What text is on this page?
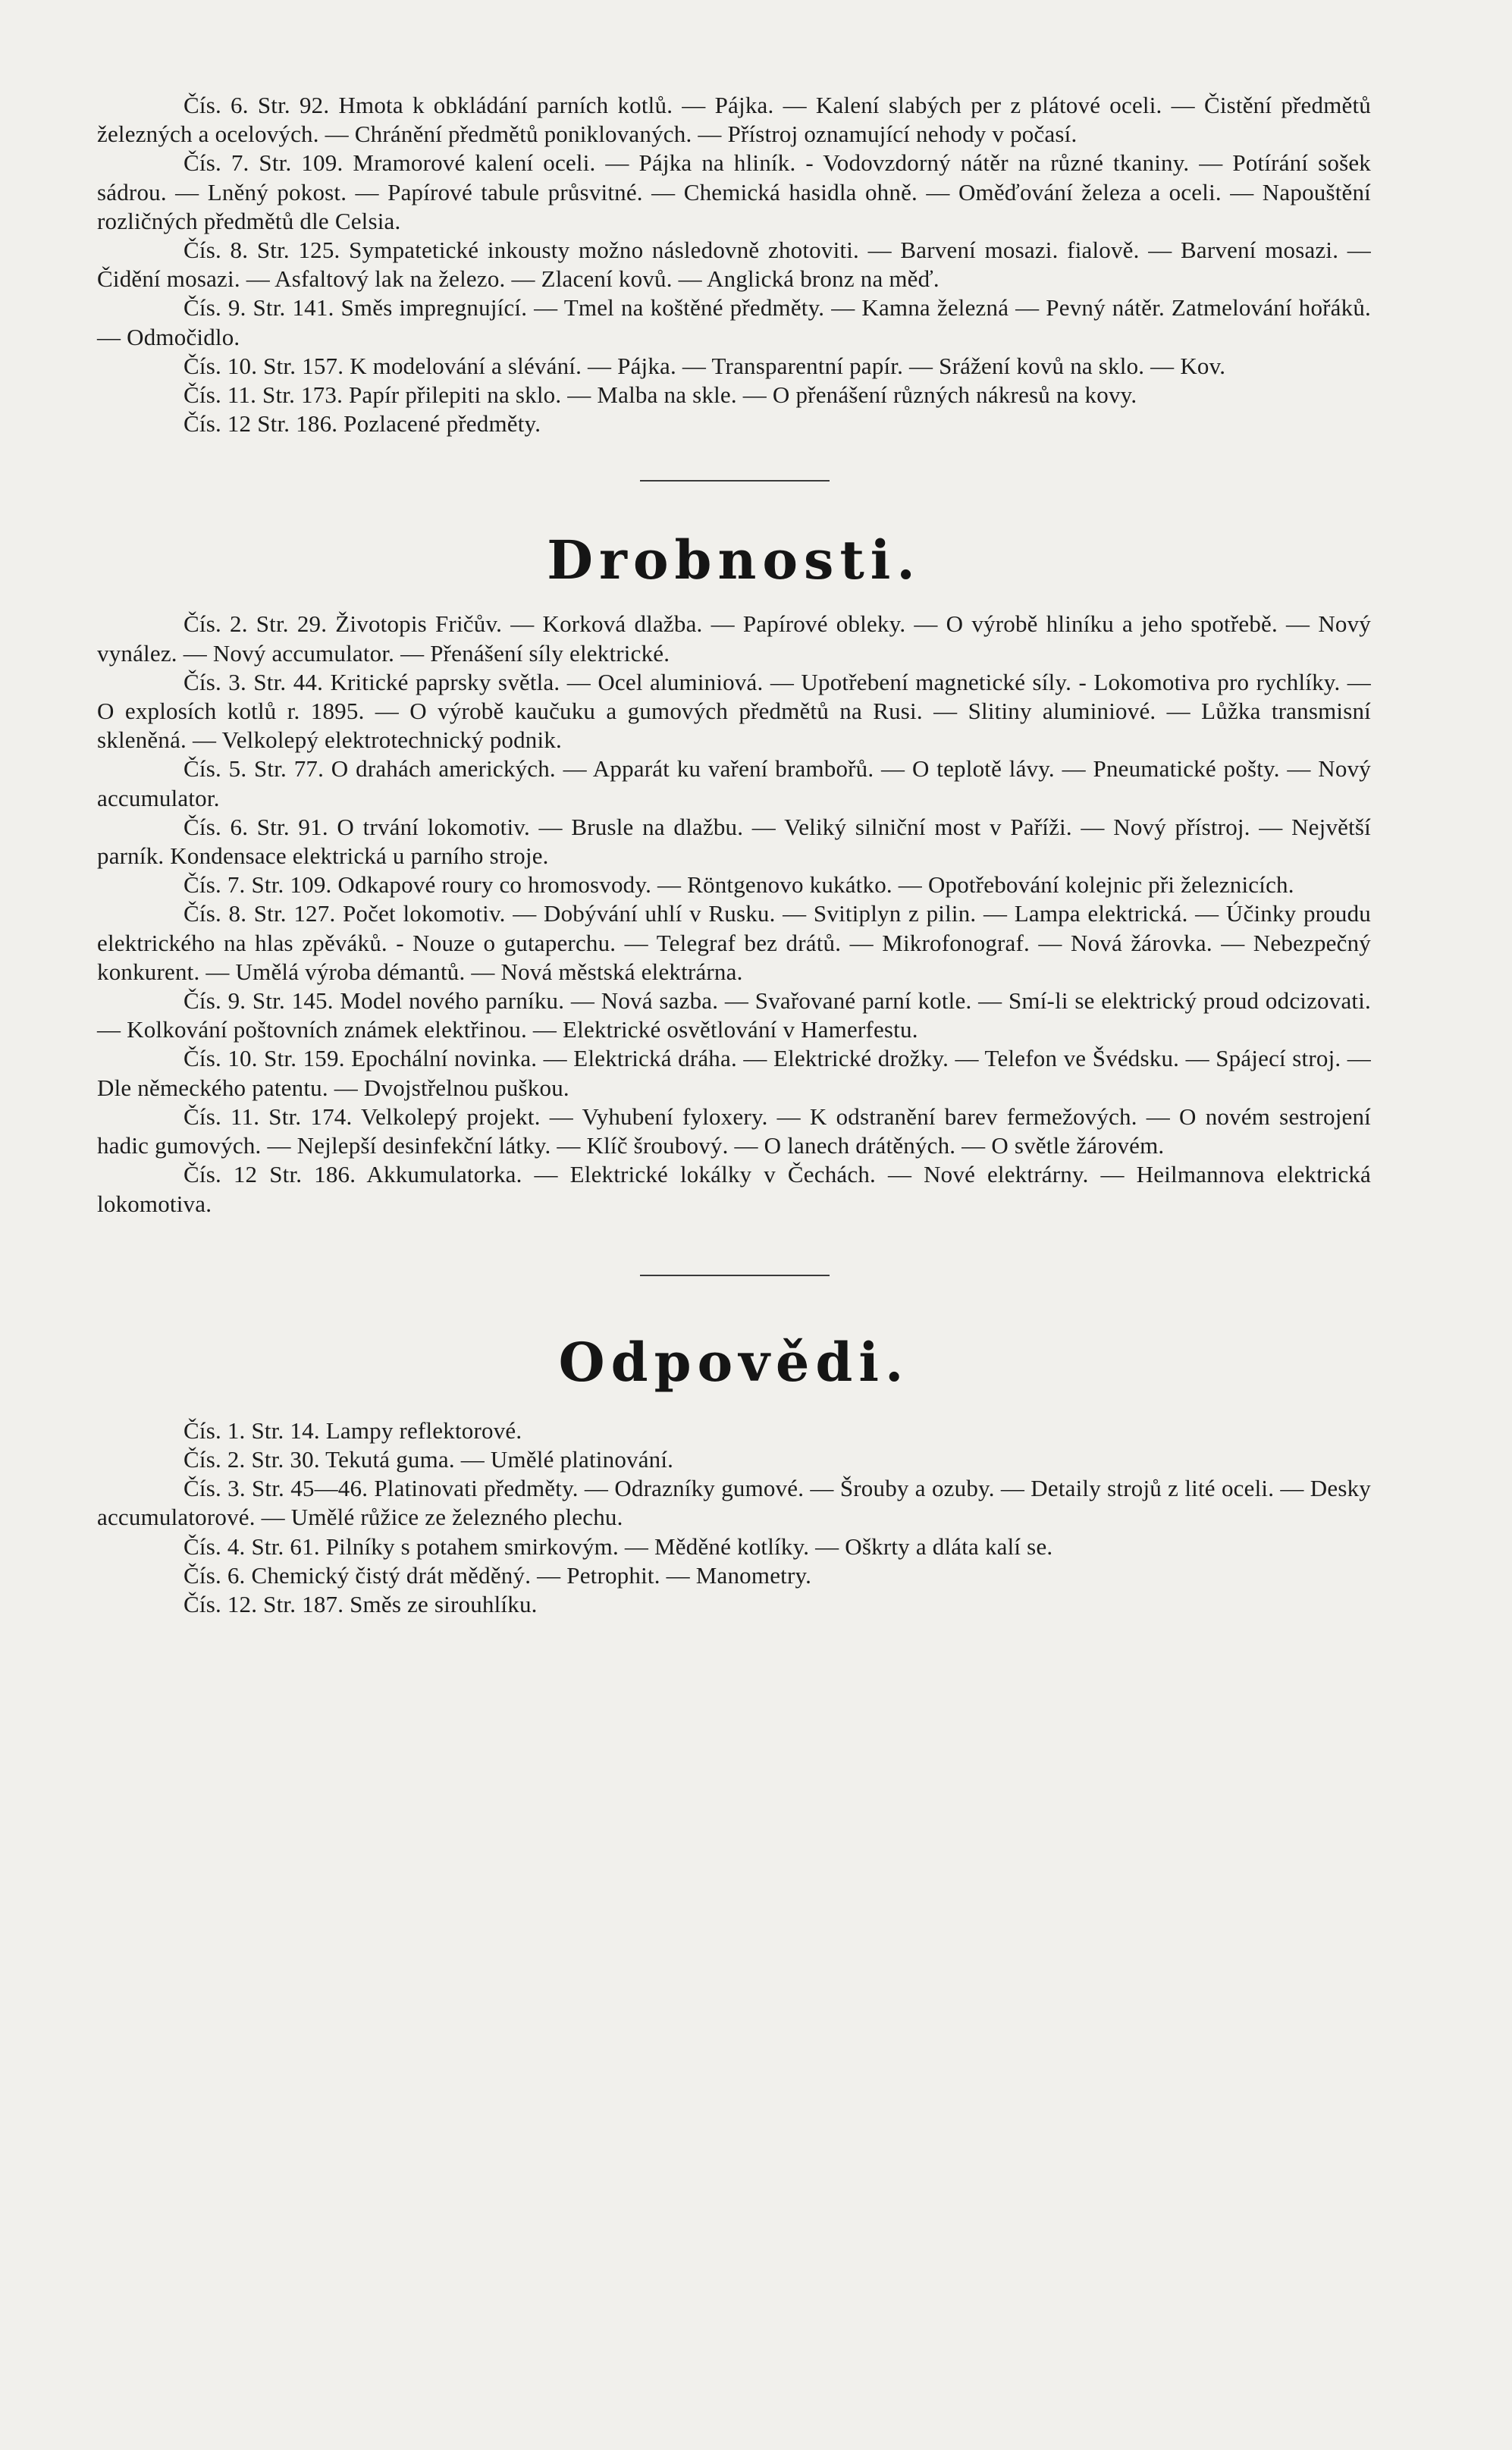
Čís. 6. Str. 92. Hmota k obkládání parních kotlů. — Pájka. — Kalení slabých per z plátové oceli. — Čistění předmětů železných a ocelových. — Chránění předmětů poniklovaných. — Přístroj oznamující nehody v počasí.

Čís. 7. Str. 109. Mramorové kalení oceli. — Pájka na hliník. - Vodovzdorný nátěr na různé tkaniny. — Potírání sošek sádrou. — Lněný pokost. — Papírové tabule průsvitné. — Chemická hasidla ohně. — Oměďování železa a oceli. — Napouštění rozličných předmětů dle Celsia.

Čís. 8. Str. 125. Sympatetické inkousty možno následovně zhotoviti. — Barvení mosazi. fialově. — Barvení mosazi. — Čidění mosazi. — Asfaltový lak na železo. — Zlacení kovů. — Anglická bronz na měď.

Čís. 9. Str. 141. Směs impregnující. — Tmel na koštěné předměty. — Kamna železná — Pevný nátěr. Zatmelování hořáků. — Odmočidlo.

Čís. 10. Str. 157. K modelování a slévání. — Pájka. — Transparentní papír. — Srážení kovů na sklo. — Kov.

Čís. 11. Str. 173. Papír přilepiti na sklo. — Malba na skle. — O přenášení různých nákresů na kovy.

Čís. 12 Str. 186. Pozlacené předměty.

Drobnosti.

Čís. 2. Str. 29. Životopis Fričův. — Korková dlažba. — Papírové obleky. — O výrobě hliníku a jeho spotřebě. — Nový vynález. — Nový accumulator. — Přenášení síly elektrické.

Čís. 3. Str. 44. Kritické paprsky světla. — Ocel aluminiová. — Upotřebení magnetické síly. - Lokomotiva pro rychlíky. — O explosích kotlů r. 1895. — O výrobě kaučuku a gumových předmětů na Rusi. — Slitiny aluminiové. — Lůžka transmisní skleněná. — Velkolepý elektrotechnický podnik.

Čís. 5. Str. 77. O drahách amerických. — Apparát ku vaření brambořů. — O teplotě lávy. — Pneumatické pošty. — Nový accumulator.

Čís. 6. Str. 91. O trvání lokomotiv. — Brusle na dlažbu. — Veliký silniční most v Paříži. — Nový přístroj. — Největší parník. Kondensace elektrická u parního stroje.

Čís. 7. Str. 109. Odkapové roury co hromosvody. — Röntgenovo kukátko. — Opotřebování kolejnic při železnicích.

Čís. 8. Str. 127. Počet lokomotiv. — Dobývání uhlí v Rusku. — Svitiplyn z pilin. — Lampa elektrická. — Účinky proudu elektrického na hlas zpěváků. - Nouze o gutaperchu. — Telegraf bez drátů. — Mikrofonograf. — Nová žárovka. — Nebezpečný konkurent. — Umělá výroba démantů. — Nová městská elektrárna.

Čís. 9. Str. 145. Model nového parníku. — Nová sazba. — Svařované parní kotle. — Smí-li se elektrický proud odcizovati. — Kolkování poštovních známek elektřinou. — Elektrické osvětlování v Hamerfestu.

Čís. 10. Str. 159. Epochální novinka. — Elektrická dráha. — Elektrické drožky. — Telefon ve Švédsku. — Spájecí stroj. — Dle německého patentu. — Dvojstřelnou puškou.

Čís. 11. Str. 174. Velkolepý projekt. — Vyhubení fyloxery. — K odstranění barev fermežových. — O novém sestrojení hadic gumových. — Nejlepší desinfekční látky. — Klíč šroubový. — O lanech drátěných. — O světle žárovém.

Čís. 12 Str. 186. Akkumulatorka. — Elektrické lokálky v Čechách. — Nové elektrárny. — Heilmannova elektrická lokomotiva.

Odpovědi.

Čís. 1. Str. 14. Lampy reflektorové.

Čís. 2. Str. 30. Tekutá guma. — Umělé platinování.

Čís. 3. Str. 45—46. Platinovati předměty. — Odrazníky gumové. — Šrouby a ozuby. — Detaily strojů z lité oceli. — Desky accumulatorové. — Umělé růžice ze železného plechu.

Čís. 4. Str. 61. Pilníky s potahem smirkovým. — Měděné kotlíky. — Oškrty a dláta kalí se.

Čís. 6. Chemický čistý drát měděný. — Petrophit. — Manometry.

Čís. 12. Str. 187. Směs ze sirouhlíku.
